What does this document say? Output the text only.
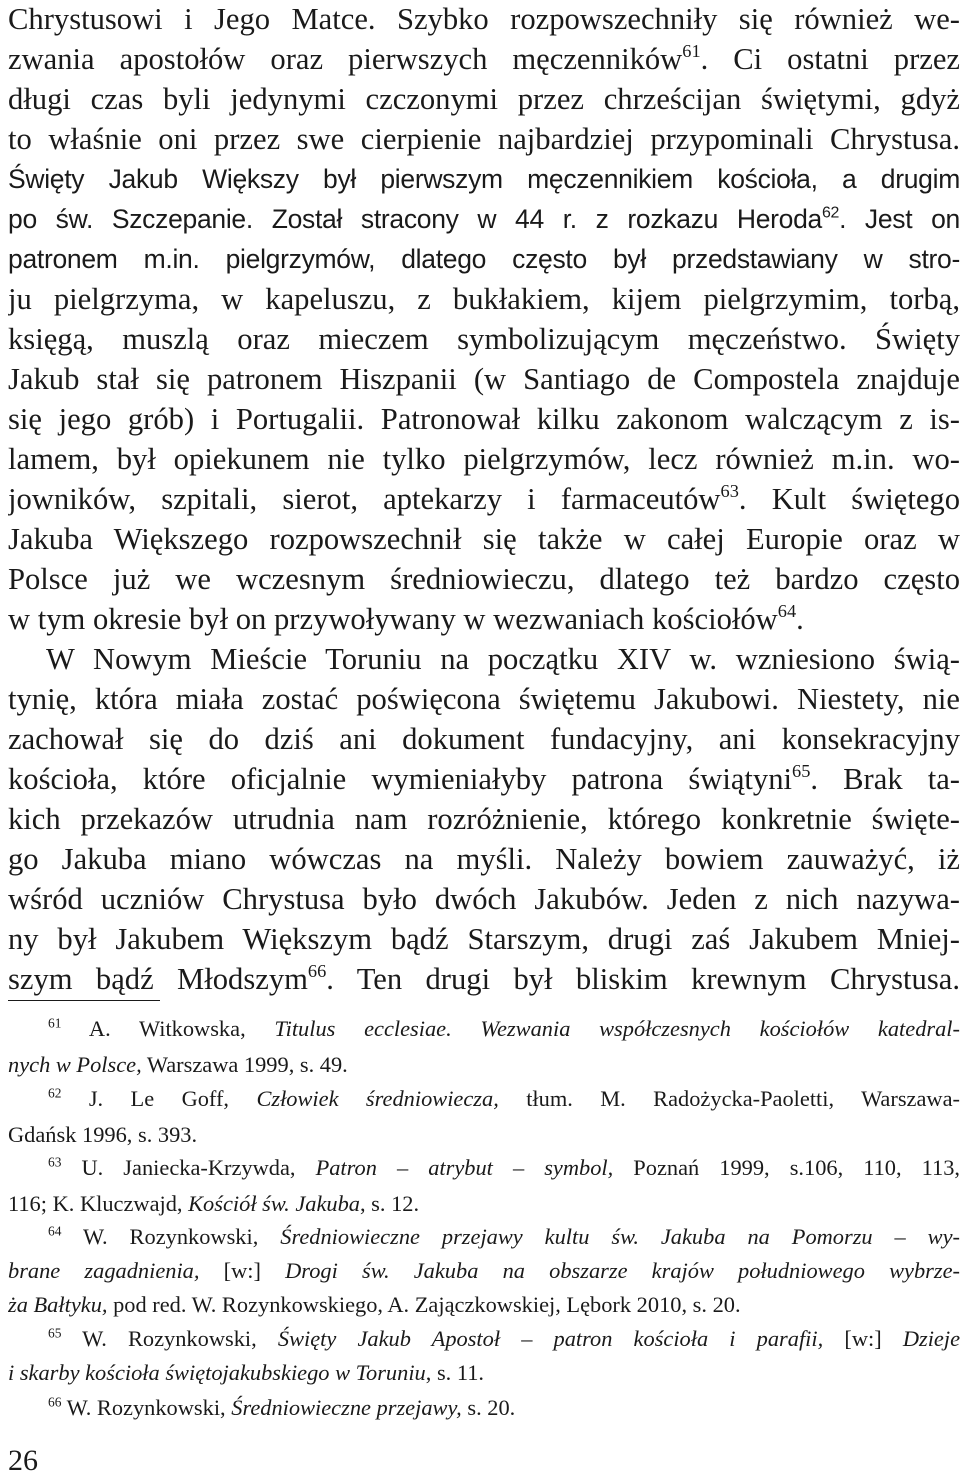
Chrystusowi i Jego Matce. Szybko rozpowszechniły się również we-
zwania apostołów oraz pierwszych męczenników$^{61}$. Ci ostatni przez
długi czas byli jedynymi czczonymi przez chrześcijan świętymi, gdyż
to właśnie oni przez swe cierpienie najbardziej przypominali Chrystusa.
Święty Jakub Większy był pierwszym męczennikiem kościoła, a drugim
po św. Szczepanie. Został stracony w 44 r. z rozkazu Heroda$^{62}$. Jest on
patronem m.in. pielgrzymów, dlatego często był przedstawiany w stro-
ju pielgrzyma, w kapeluszu, z bukłakiem, kijem pielgrzymim, torbą,
księgą, muszlą oraz mieczem symbolizującym męczeństwo. Święty
Jakub stał się patronem Hiszpanii (w Santiago de Compostela znajduje
się jego grób) i Portugalii. Patronował kilku zakonom walczącym z is-
lamem, był opiekunem nie tylko pielgrzymów, lecz również m.in. wo-
jowników, szpitali, sierot, aptekarzy i farmaceutów$^{63}$. Kult świętego
Jakuba Większego rozpowszechnił się także w całej Europie oraz w
Polsce już we wczesnym średniowieczu, dlatego też bardzo często
w tym okresie był on przywoływany w wezwaniach kościołów$^{64}$.
W Nowym Mieście Toruniu na początku XIV w. wzniesiono świą-
tynię, która miała zostać poświęcona świętemu Jakubowi. Niestety, nie
zachował się do dziś ani dokument fundacyjny, ani konsekracyjny
kościoła, które oficjalnie wymieniałyby patrona świątyni$^{65}$. Brak ta-
kich przekazów utrudnia nam rozróżnienie, którego konkretnie święte-
go Jakuba miano wówczas na myśli. Należy bowiem zauważyć, iż
wśród uczniów Chrystusa było dwóch Jakubów. Jeden z nich nazywa-
ny był Jakubem Większym bądź Starszym, drugi zaś Jakubem Mniej-
szym bądź Młodszym$^{66}$. Ten drugi był bliskim krewnym Chrystusa.
$^{61}$ A. Witkowska, Titulus ecclesiae. Wezwania współczesnych kościołów katedral-
nych w Polsce, Warszawa 1999, s. 49.
$^{62}$ J. Le Goff, Człowiek średniowiecza, tłum. M. Radożycka-Paoletti, Warszawa-
Gdańsk 1996, s. 393.
$^{63}$ U. Janiecka-Krzywda, Patron – atrybut – symbol, Poznań 1999, s.106, 110, 113,
116; K. Kluczwajd, Kościół św. Jakuba, s. 12.
$^{64}$ W. Rozynkowski, Średniowieczne przejawy kultu św. Jakuba na Pomorzu – wy-
brane zagadnienia, [w:] Drogi św. Jakuba na obszarze krajów południowego wybrze-
ża Bałtyku, pod red. W. Rozynkowskiego, A. Zajączkowskiej, Lębork 2010, s. 20.
$^{65}$ W. Rozynkowski, Święty Jakub Apostoł – patron kościoła i parafii, [w:] Dzieje
i skarby kościoła świętojakubskiego w Toruniu, s. 11.
$^{66}$ W. Rozynkowski, Średniowieczne przejawy, s. 20.
26
